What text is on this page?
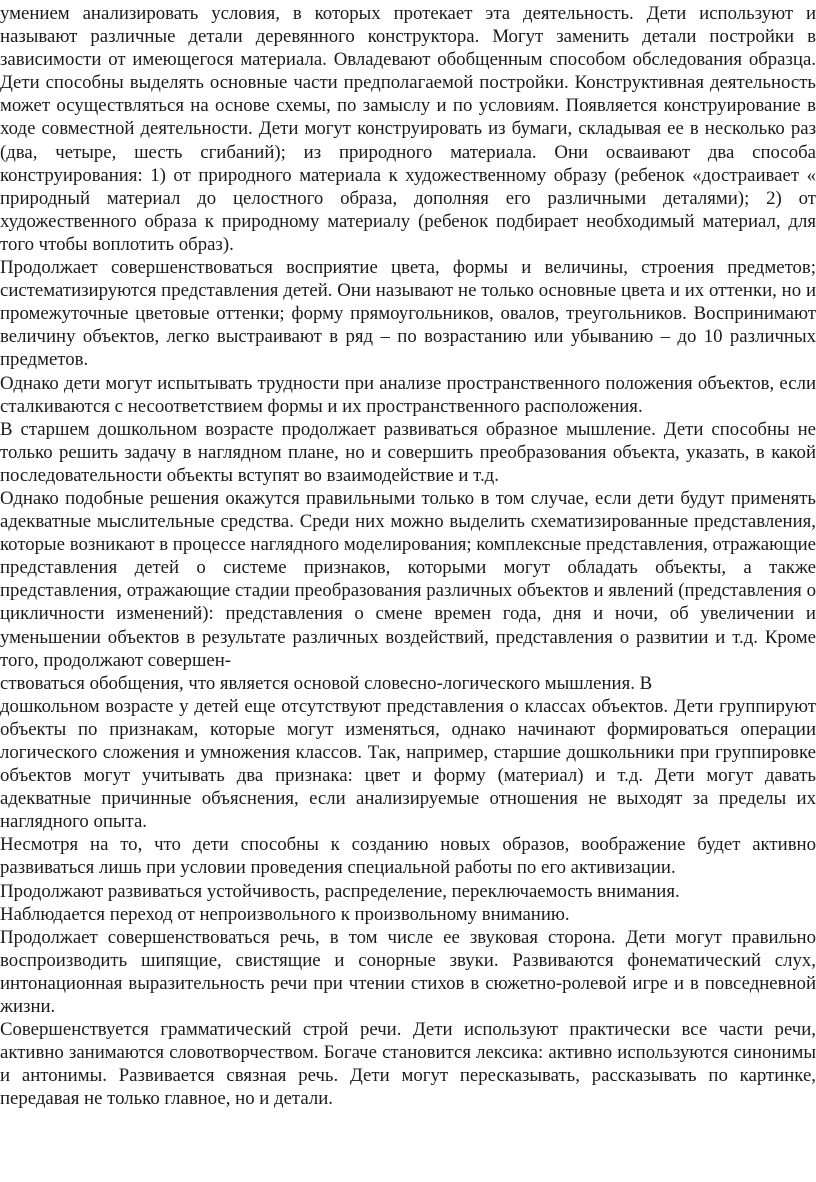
умением анализировать условия, в которых протекает эта деятельность. Дети используют и называют различные детали деревянного конструктора. Могут заменить детали постройки в зависимости от имеющегося материала. Овладевают обобщенным способом обследования образца. Дети способны выделять основные части предполагаемой постройки. Конструктивная деятельность может осуществляться на основе схемы, по замыслу и по условиям. Появляется конструирование в ходе совместной деятельности. Дети могут конструировать из бумаги, складывая ее в несколько раз (два, четыре, шесть сгибаний); из природного материала. Они осваивают два способа конструирования: 1) от природного материала к художественному образу (ребенок «достраивает « природный материал до целостного образа, дополняя его различными деталями); 2) от художественного образа к природному материалу (ребенок подбирает необходимый материал, для того чтобы воплотить образ).

Продолжает совершенствоваться восприятие цвета, формы и величины, строения предметов; систематизируются представления детей. Они называют не только основные цвета и их оттенки, но и промежуточные цветовые оттенки; форму прямоугольников, овалов, треугольников. Воспринимают величину объектов, легко выстраивают в ряд – по возрастанию или убыванию – до 10 различных предметов.

Однако дети могут испытывать трудности при анализе пространственного положения объектов, если сталкиваются с несоответствием формы и их пространственного расположения.

В старшем дошкольном возрасте продолжает развиваться образное мышление. Дети способны не только решить задачу в наглядном плане, но и совершить преобразования объекта, указать, в какой последовательности объекты вступят во взаимодействие и т.д.

Однако подобные решения окажутся правильными только в том случае, если дети будут применять адекватные мыслительные средства. Среди них можно выделить схематизированные представления, которые возникают в процессе наглядного моделирования; комплексные представления, отражающие представления детей о системе признаков, которыми могут обладать объекты, а также представления, отражающие стадии преобразования различных объектов и явлений (представления о цикличности изменений): представления о смене времен года, дня и ночи, об увеличении и уменьшении объектов в результате различных воздействий, представления о развитии и т.д. Кроме того, продолжают совершен-

ствоваться обобщения, что является основой словесно-логического мышления. В

дошкольном возрасте у детей еще отсутствуют представления о классах объектов. Дети группируют объекты по признакам, которые могут изменяться, однако начинают формироваться операции логического сложения и умножения классов. Так, например, старшие дошкольники при группировке объектов могут учитывать два признака: цвет и форму (материал) и т.д. Дети могут давать адекватные причинные объяснения, если анализируемые отношения не выходят за пределы их наглядного опыта.

Несмотря на то, что дети способны к созданию новых образов, воображение будет активно развиваться лишь при условии проведения специальной работы по его активизации.

Продолжают развиваться устойчивость, распределение, переключаемость внимания.

Наблюдается переход от непроизвольного к произвольному вниманию.

Продолжает совершенствоваться речь, в том числе ее звуковая сторона. Дети могут правильно воспроизводить шипящие, свистящие и сонорные звуки. Развиваются фонематический слух, интонационная выразительность речи при чтении стихов в сюжетно-ролевой игре и в повседневной жизни.

Совершенствуется грамматический строй речи. Дети используют практически все части речи, активно занимаются словотворчеством. Богаче становится лексика: активно используются синонимы и антонимы. Развивается связная речь. Дети могут пересказывать, рассказывать по картинке, передавая не только главное, но и детали.
